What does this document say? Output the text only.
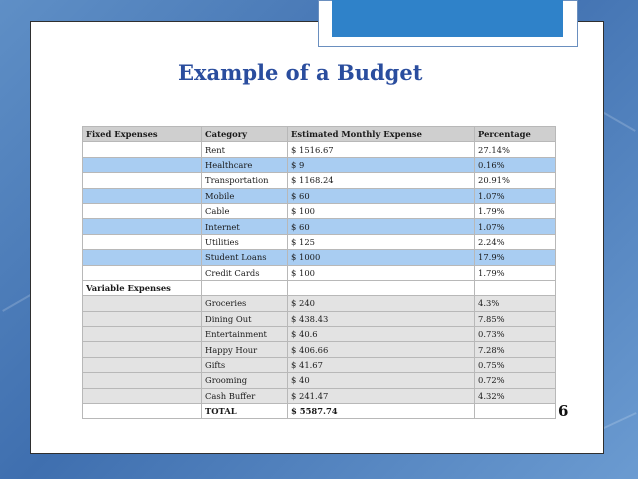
Example of a Budget
Fixed Expenses	Category	Estimated Monthly Expense	Percentage
	Rent	$ 1516.67	27.14%
	Healthcare	$ 9	0.16%
	Transportation	$ 1168.24	20.91%
	Mobile	$ 60	1.07%
	Cable	$ 100	1.79%
	Internet	$ 60	1.07%
	Utilities	$ 125	2.24%
	Student Loans	$ 1000	17.9%
	Credit Cards	$ 100	1.79%
Variable Expenses			
	Groceries	$ 240	4.3%
	Dining Out	$ 438.43	7.85%
	Entertainment	$ 40.6	0.73%
	Happy Hour	$ 406.66	7.28%
	Gifts	$ 41.67	0.75%
	Grooming	$ 40	0.72%
	Cash Buffer	$ 241.47	4.32%
	TOTAL	$ 5587.74		6
